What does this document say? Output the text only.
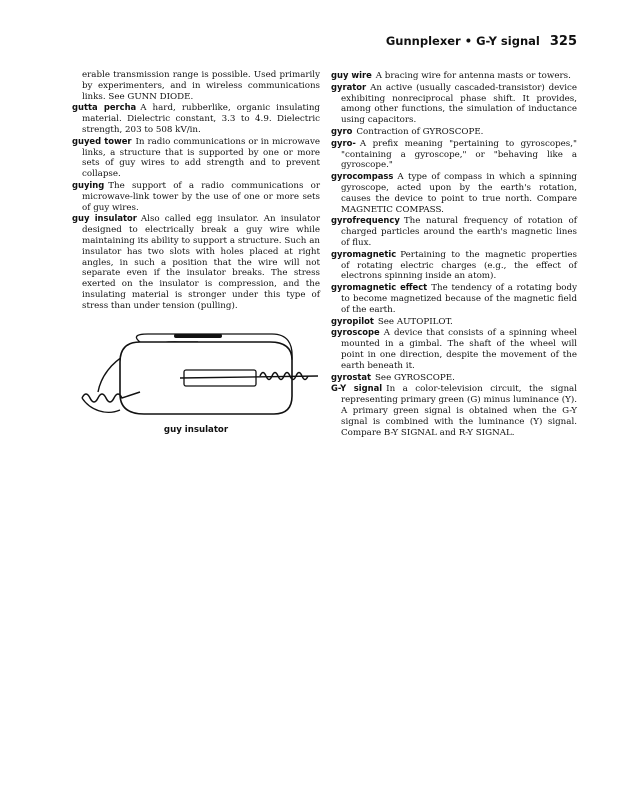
Gunnplexer • G-Y signal 325

erable transmission range is possible. Used primarily by experimenters, and in wireless communications links. See GUNN DIODE.

gutta percha A hard, rubberlike, organic insulating material. Dielectric constant, 3.3 to 4.9. Dielectric strength, 203 to 508 kV/in.

guyed tower In radio communications or in microwave links, a structure that is supported by one or more sets of guy wires to add strength and to prevent collapse.

guying The support of a radio communications or microwave-link tower by the use of one or more sets of guy wires.

guy insulator Also called egg insulator. An insulator designed to electrically break a guy wire while maintaining its ability to support a structure. Such an insulator has two slots with holes placed at right angles, in such a position that the wire will not separate even if the insulator breaks. The stress exerted on the insulator is compression, and the insulating material is stronger under this type of stress than under tension (pulling).

guy insulator

guy wire A bracing wire for antenna masts or towers.

gyrator An active (usually cascaded-transistor) device exhibiting nonreciprocal phase shift. It provides, among other functions, the simulation of inductance using capacitors.

gyro Contraction of GYROSCOPE.

gyro- A prefix meaning "pertaining to gyroscopes," "containing a gyroscope," or "behaving like a gyroscope."

gyrocompass A type of compass in which a spinning gyroscope, acted upon by the earth's rotation, causes the device to point to true north. Compare MAGNETIC COMPASS.

gyrofrequency The natural frequency of rotation of charged particles around the earth's magnetic lines of flux.

gyromagnetic Pertaining to the magnetic properties of rotating electric charges (e.g., the effect of electrons spinning inside an atom).

gyromagnetic effect The tendency of a rotating body to become magnetized because of the magnetic field of the earth.

gyropilot See AUTOPILOT.

gyroscope A device that consists of a spinning wheel mounted in a gimbal. The shaft of the wheel will point in one direction, despite the movement of the earth beneath it.

gyrostat See GYROSCOPE.

G-Y signal In a color-television circuit, the signal representing primary green (G) minus luminance (Y). A primary green signal is obtained when the G-Y signal is combined with the luminance (Y) signal. Compare B-Y SIGNAL and R-Y SIGNAL.
